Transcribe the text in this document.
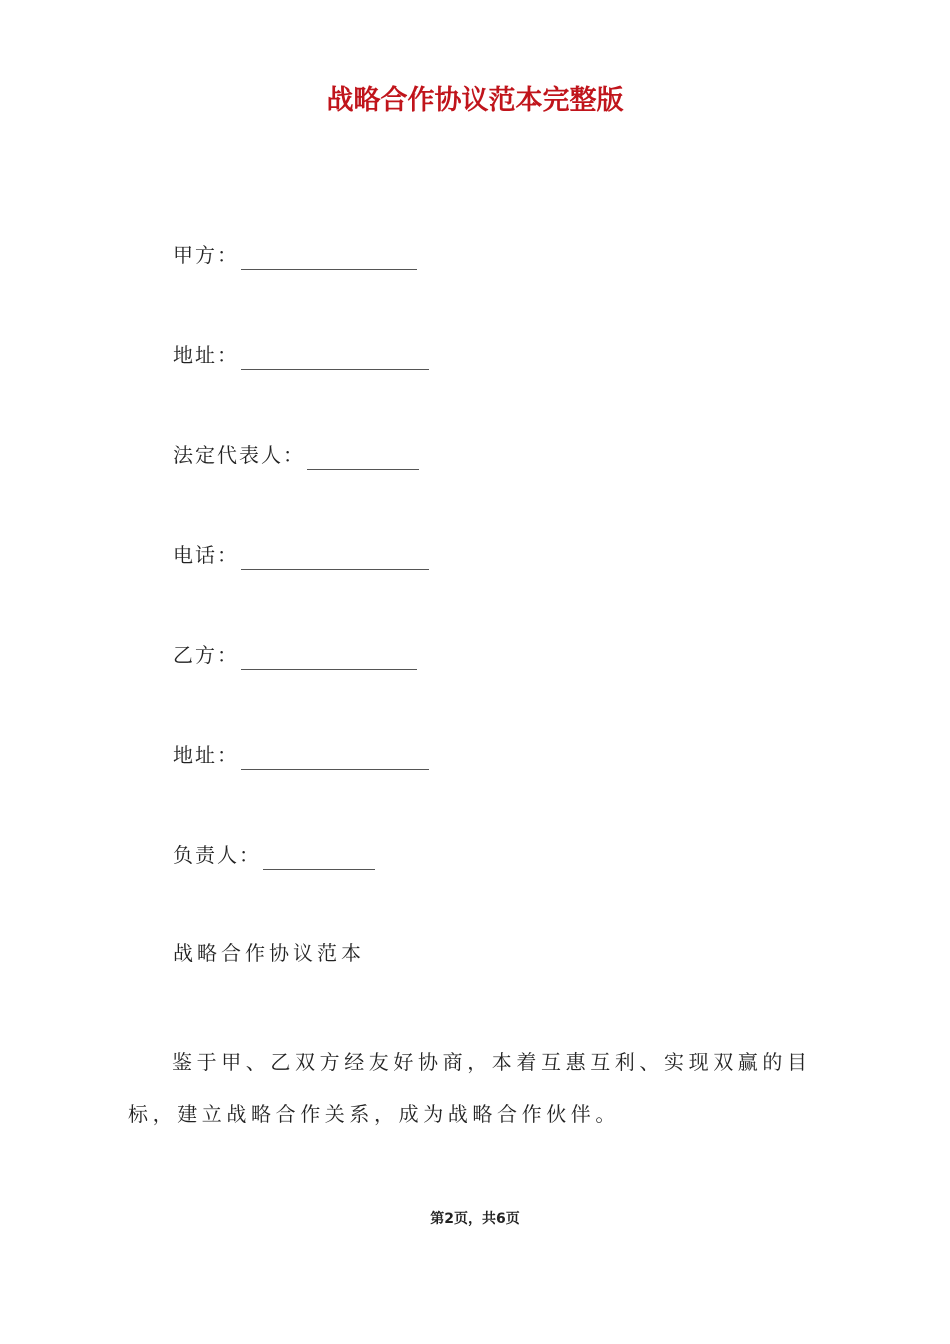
战略合作协议范本完整版
甲方：
地址：
法定代表人：
电话：
乙方：
地址：
负责人：
战略合作协议范本
鉴于甲、乙双方经友好协商，本着互惠互利、实现双赢的目标，建立战略合作关系，成为战略合作伙伴。
第2页，共6页
